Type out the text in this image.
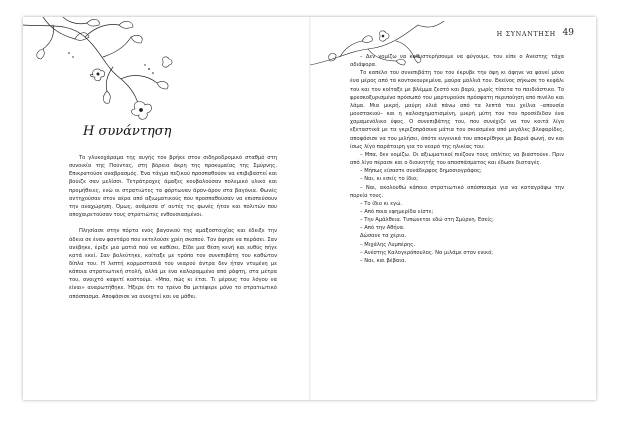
Η συνάντηση

Το γλυκοχάραμα της αυγής τον βρήκε στον σιδηροδρομικό σταθμό στη συνοικία της Πούντας, στη βόρεια άκρη της προκυμαίας της Σμύρνης. Επικρατούσε αναβρασμός. Ένα τάγμα πεζικού προσπαθούσε να επιβιβαστεί και βούιζε σαν μελίσσι. Τετράτροχες άμαξες κουβαλούσαν πολεμικό υλικό και προμήθειες, ενώ οι στρατιώτες τα φόρτωναν άρον-άρον στα βαγόνια. Φωνές αντηχούσαν στον αέρα από αξιωματικούς που προσπαθούσαν να επισπεύσουν την αναχώρηση. Όμως, ανάμεσα σ' αυτές τις φωνές ήταν και πολιτών που αποχαιρετούσαν τους στρατιώτες ενθουσιασμένοι.

Πλησίασε στην πόρτα ενός βαγονιού της αμαξοστοιχίας και έδειξε την άδεια σε έναν φαντάρο που εκτελούσε χρέη σκοπού. Τον άφησε να περάσει. Σαν ανέβηκε, έριξε μια ματιά πού να καθίσει. Είδε μια θέση κενή και ευθύς πήγε κατά εκεί. Σαν βολεύτηκε, κοίταξε με τρόπο τον συνεπιβάτη του καθώτον δίπλα του. Η λεπτή κορμοστασιά του νεαρού άντρα δεν ήταν ντυμένη με κάποια στρατιωτική στολή, αλλά με ένα καλοραμμένο από ράφτη, στα μέτρα του, ανοιχτό καφετί κοστούμι. «Μπα, πώς κι έτσι. Τι μέρους του λόγου να είναι» αναρωτήθηκε. Ήξερε ότι το τρένο θα μετέφερε μόνο το στρατιωτικό απόσπασμα. Αποφάσισε να ανοιχτεί και να μάθει.

Η ΣΥΝΑΝΤΗΣΗ 49

– Δεν νομίζω να καθυστερήσουμε να φύγουμε, του είπε ο Ανέστης τάχα αδιάφορα.

Το καπέλο του συνεπιβάτη του του έκρυβε την όψη κι άφηνε να φανεί μόνο ένα μέρος από τα κοντοκουρεμένα, μαύρα μαλλιά του. Εκείνος σήκωσε το κεφάλι του και τον κοίταξε με βλέμμα ζεστό και βαρύ, χωρίς τίποτα το παιδιάστικο. Το φρεσκοξυρισμένο πρόσωπό του μαρτυρούσε πρόσφατη περιποίηση από πινέλο και λάμα. Μια μικρή, μαύρη ελιά πάνω από τα λεπτά του χείλια –απουσία μουστακιού– και η καλοσχηματισμένη, μικρή μύτη του του προσέδιδαν ένα χαμαμενόλικο ύφος. Ο συνεπιβάτης του, που συνέχιζε να τον κοιτά λίγο εξεταστικά με τα γκριζοπράσινα μάτια του σκιασμένα από μεγάλες βλεφαρίδες, αποφάσισε να του μιλήσει, όπότε ευγενικά του αποκρίθηκε με βαριά φωνή, αν και ίσως λίγο παράταιρη για το νεαρό της ηλικίας του:

– Μπα, δεν νομίζω. Οι αξιωματικοί πιέζουν τους οπλίτες να βιαστούνε. Πριν από λίγο πέρασε και ο διοικητής του αποσπάσματος και έδωσε διαταγές.

– Μήπως είσαστε συνάδερφος δημοσιογράφος;

– Ναι, κι εσείς το ίδιο;

– Ναι, ακολουθώ κάποιο στρατιωτικό απόσπασμα για να καταγράψω την πορεία τους.

– Το ίδιο κι εγώ.

– Από ποια εφημερίδα είστε;

– Την Αμάλθεια. Τυπώνεται εδώ στη Σμύρνη. Εσείς;

– Από την Αθήνα.

Δώσανε τα χέρια.

– Μιχάλης Λυμπέρης.

– Ανέστης Καλογερόπουλος. Να μιλάμε στον ενικό;

– Ναι, και βέβαια.
